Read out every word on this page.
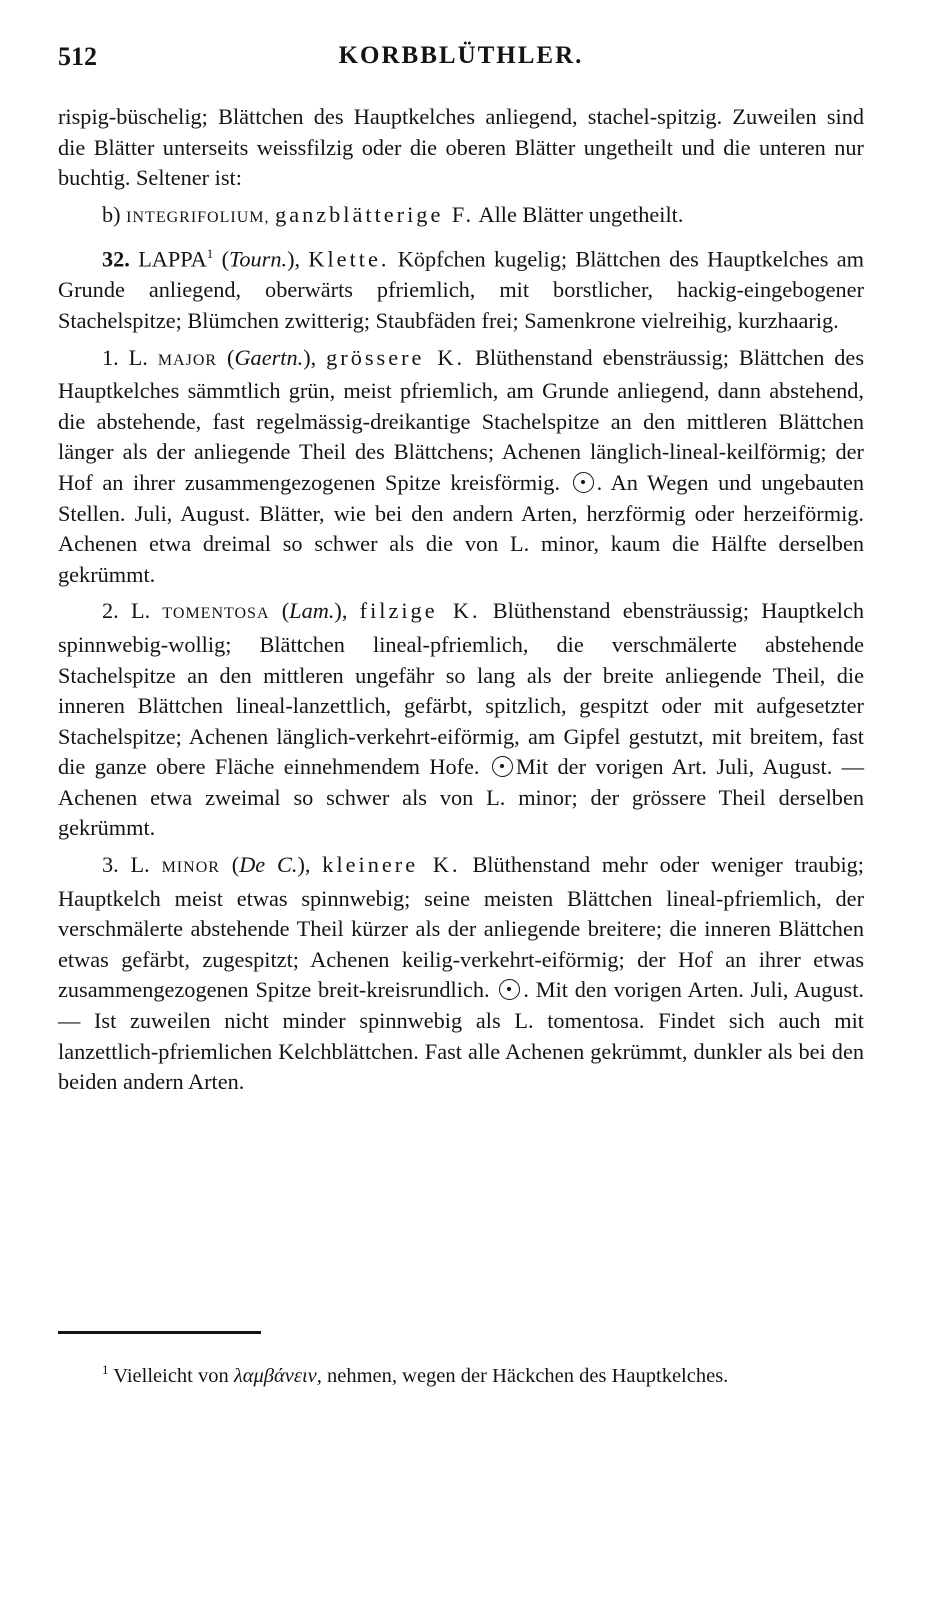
512	KORBBLÜTHLER.

rispig-büschelig; Blättchen des Hauptkelches anliegend, stachel-spitzig. Zuweilen sind die Blätter unterseits weissfilzig oder die oberen Blätter ungetheilt und die unteren nur buchtig. Seltener ist:

b) INTEGRIFOLIUM, ganzblätterige F. Alle Blätter ungetheilt.

32. LAPPA$^1$ (Tourn.), Klette. Köpfchen kugelig; Blättchen des Hauptkelches am Grunde anliegend, oberwärts pfriemlich, mit borstlicher, hackig-eingebogener Stachelspitze; Blümchen zwitterig; Staubfäden frei; Samenkrone vielreihig, kurzhaarig.

1. L. MAJOR (Gaertn.), grössere K. Blüthenstand ebensträussig; Blättchen des Hauptkelches sämmtlich grün, meist pfriemlich, am Grunde anliegend, dann abstehend, die abstehende, fast regelmässig-dreikantige Stachelspitze an den mittleren Blättchen länger als der anliegende Theil des Blättchens; Achenen länglich-lineal-keilförmig; der Hof an ihrer zusammengezogenen Spitze kreisförmig. . An Wegen und ungebauten Stellen. Juli, August. Blätter, wie bei den andern Arten, herzförmig oder herzeiförmig. Achenen etwa dreimal so schwer als die von L. minor, kaum die Hälfte derselben gekrümmt.

2. L. TOMENTOSA (Lam.), filzige K. Blüthenstand ebensträussig; Hauptkelch spinnwebig-wollig; Blättchen lineal-pfriemlich, die verschmälerte abstehende Stachelspitze an den mittleren ungefähr so lang als der breite anliegende Theil, die inneren Blättchen lineal-lanzettlich, gefärbt, spitzlich, gespitzt oder mit aufgesetzter Stachelspitze; Achenen länglich-verkehrt-eiförmig, am Gipfel gestutzt, mit breitem, fast die ganze obere Fläche einnehmendem Hofe. Mit der vorigen Art. Juli, August. — Achenen etwa zweimal so schwer als von L. minor; der grössere Theil derselben gekrümmt.

3. L. MINOR (De C.), kleinere K. Blüthenstand mehr oder weniger traubig; Hauptkelch meist etwas spinnwebig; seine meisten Blättchen lineal-pfriemlich, der verschmälerte abstehende Theil kürzer als der anliegende breitere; die inneren Blättchen etwas gefärbt, zugespitzt; Achenen keilig-verkehrt-eiförmig; der Hof an ihrer etwas zusammengezogenen Spitze breit-kreisrundlich. . Mit den vorigen Arten. Juli, August. — Ist zuweilen nicht minder spinnwebig als L. tomentosa. Findet sich auch mit lanzettlich-pfriemlichen Kelchblättchen. Fast alle Achenen gekrümmt, dunkler als bei den beiden andern Arten.

$^1$ Vielleicht von λαμβάνειν, nehmen, wegen der Häckchen des Hauptkelches.
